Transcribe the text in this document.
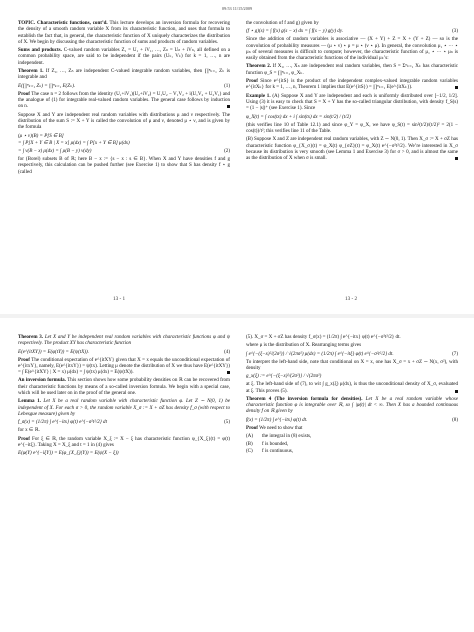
09:53 11/15/2009

TOPIC. Characteristic functions, cont’d. This lecture develops an inversion formula for recovering the density of a smooth random variable X from its characteristic function, and uses that formula to establish the fact that, in general, the characteristic function of X uniquely characterizes the distribution of X. We begin by discussing the characteristic function of sums and products of random variables.

Sums and products. C-valued random variables Z₁ = U₁ + iV₁, …, Zₙ = Uₙ + iVₙ, all defined on a common probability space, are said to be independent if the pairs (Uₖ, Vₖ) for k = 1, …, n are independent.

Theorem 1. If Z₁, …, Zₙ are independent C-valued integrable random variables, then ∏ⁿₖ₌₁ Zₖ is integrable and

E(∏ⁿₖ₌₁ Zₖ) = ∏ⁿₖ₌₁ E(Zₖ).	(1)

Proof The case n = 2 follows from the identity (U₁+iV₁)(U₂+iV₂) = U₁U₂ − V₁V₂ + i(U₁V₂ + U₂V₁) and the analogue of (1) for integrable real-valued random variables. The general case follows by induction on n.

Suppose X and Y are independent real random variables with distributions μ and ν respectively. The distribution of the sum S := X + Y is called the convolution of μ and ν, denoted μ ⋆ ν, and is given by the formula

(μ ⋆ ν)(B) = P[S ∈ B]
= ∫ P[X + Y ∈ B | X = x] μ(dx) = ∫ P[x + Y ∈ B] μ(dx)
= ∫ ν(B − x) μ(dx) = ∫ μ(B − y) ν(dy)	(2)

for (Borel) subsets B of ℝ; here B − x := {s − x : s ∈ B}. When X and Y have densities f and g respectively, this calculation can be pushed further (see Exercise 1) to show that S has density f ⋆ g (called

the convolution of f and g) given by

(f ⋆ g)(s) = ∫ f(x) g(s − x) dx = ∫ f(s − y) g(y) dy.	(3)

Since the addition of random variables is associative — (X + Y) + Z = X + (Y + Z) — so is the convolution of probability measures — (μ ⋆ ν) ⋆ ρ = μ ⋆ (ν ⋆ ρ). In general, the convolution μ₁ ⋆ ⋯ ⋆ μₙ of several measures is difficult to compute; however, the characteristic function of μ₁ ⋆ ⋯ ⋆ μₙ is easily obtained from the characteristic functions of the individual μₖ’s:

Theorem 2. If X₁, …, Xₙ are independent real random variables, then S = Σⁿₖ₌₁ Xₖ has characteristic function φ_S = ∏ⁿₖ₌₁ φ_Xₖ.

Proof Since e^{itS} is the product of the independent complex-valued integrable random variables e^{itXₖ} for k = 1, …, n, Theorem 1 implies that E(e^{itS}) = ∏ⁿₖ₌₁ E(e^{itXₖ}).

Example 1. (A) Suppose X and Y are independent and each is uniformly distributed over [−1/2, 1/2]. Using (3) it is easy to check that S = X + Y has the so-called triangular distribution, with density f_S(s) = (1 − |s|)⁺ (see Exercise 1). Since

φ_X(t) = ∫ cos(tx) dx + i ∫ sin(tx) dx = sin(t/2) / (t/2)

(this verifies line 10 of Table 12.1) and since φ_Y = φ_X, we have φ_S(t) = sin²(t/2)/(t/2)² = 2(1 − cos(t))/t²; this verifies line 11 of the Table.

(B) Suppose X and Z are independent real random variables, with Z ∼ N(0, 1). Then X_σ := X + σZ has characteristic function φ_{X_σ}(t) = φ_X(t) φ_{σZ}(t) = φ_X(t) e^{−σ²t²/2}. We’re interested in X_σ because its distribution is very smooth (see Lemma 1 and Exercise 3) for σ > 0, and is almost the same as the distribution of X when σ is small.

13 - 1	13 - 2

Theorem 3. Let X and Y be independent real random variables with characteristic functions φ and ψ respectively. The product XY has characteristic function

E(e^{itXY}) = E(φ(tY)) = E(ψ(tX)).	(4)

Proof The conditional expectation of e^{itXY} given that X = x equals the unconditional expectation of e^{itxY}, namely, E(e^{itxY}) = ψ(tx). Letting μ denote the distribution of X we thus have E(e^{itXY}) = ∫ E(e^{itXY} | X = x) μ(dx) = ∫ ψ(tx) μ(dx) = E(ψ(tX)).

An inversion formula. This section shows how some probability densities on ℝ can be recovered from their characteristic functions by means of a so-called inversion formula. We begin with a special case, which will be used later on in the proof of the general one.

Lemma 1. Let X be a real random variable with characteristic function φ. Let Z ∼ N(0, 1) be independent of X. For each σ > 0, the random variable X_σ := X + σZ has density f_σ (with respect to Lebesgue measure) given by

f_σ(x) = (1/2π) ∫ e^{−itx} φ(t) e^{−σ²t²/2} dt	(5)

for x ∈ ℝ.

Proof For ξ ∈ ℝ, the random variable X_ξ := X − ξ has characteristic function φ_{X_ξ}(t) = φ(t) e^{−itξ}. Taking X = X_ξ and t = 1 in (4) gives

E(φ(Y) e^{−iξY}) = E(φ_{X_ξ}(Y)) = E(ψ(X − ξ))

(5). X_σ = X + σZ has density f_σ(x) = (1/2π) ∫ e^{−itx} φ(t) e^{−σ²t²/2} dt.

where μ is the distribution of X. Rearranging terms gives

∫ e^{−(ξ−x)²/(2σ²)} / √(2πσ²) μ(dx) = (1/2π) ∫ e^{−itξ} φ(t) e^{−σ²t²/2} dt.	(7)

To interpret the left-hand side, note that conditional on X = x, one has X_σ = x + σZ ∼ N(x, σ²), with density

g_x(ξ) := e^{−(ξ−x)²/(2σ²)} / √(2πσ²)

at ξ. The left-hand side of (7), to wit ∫ g_x(ξ) μ(dx), is thus the unconditional density of X_σ, evaluated at ξ. This proves (5).

Theorem 4 (The inversion formula for densities). Let X be a real random variable whose characteristic function φ is integrable over ℝ, so ∫ |φ(t)| dt < ∞. Then X has a bounded continuous density f on ℝ given by

f(x) = (1/2π) ∫ e^{−itx} φ(t) dt.	(8)

Proof We need to show that

(A) the integral in (8) exists,
(B) f is bounded,
(C) f is continuous,
